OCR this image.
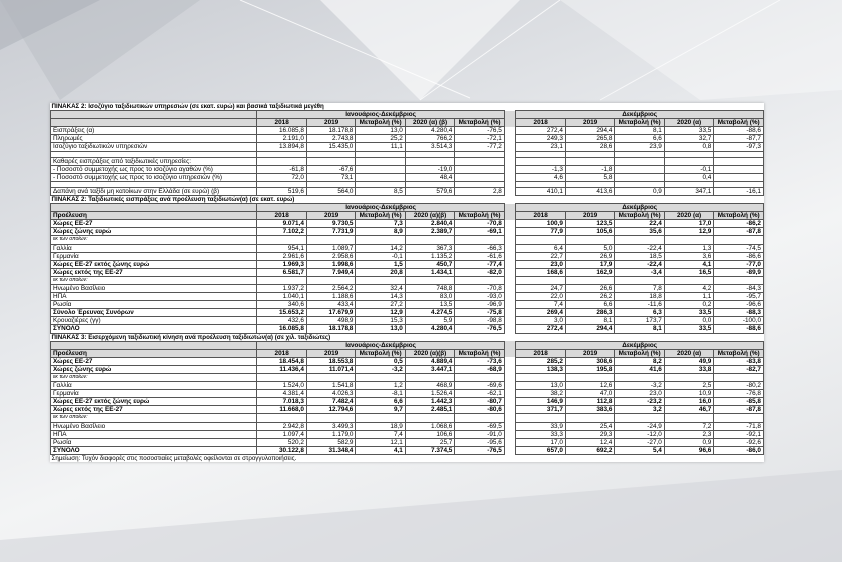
ΠΙΝΑΚΑΣ 2: Ισοζύγιο ταξιδιωτικών υπηρεσιών (σε εκατ. ευρώ) και βασικά ταξιδιωτικά μεγέθη											
	Ιανουάριος-Δεκέμβριος						Δεκέμβριος				
	2018	2019	Μεταβολή (%)	2020 (α) (β)	Μεταβολή (%)		2018	2019	Μεταβολή (%)	2020 (α)	Μεταβολή (%)
Εισπράξεις (α)	16.085,8	18.178,8	13,0	4.280,4	-76,5		272,4	294,4	8,1	33,5	-88,6
Πληρωμές	2.191,0	2.743,8	25,2	766,2	-72,1		249,3	265,8	6,6	32,7	-87,7
Ισοζύγιο ταξιδιωτικών υπηρεσιών	13.894,8	15.435,0	11,1	3.514,3	-77,2		23,1	28,6	23,9	0,8	-97,3

Καθαρές εισπράξεις από ταξιδιωτικές υπηρεσίες:											
- Ποσοστό συμμετοχής ως προς το ισοζύγιο αγαθών (%)	-61,8	-67,6		-19,0			-1,3	-1,8		-0,1	
- Ποσοστό συμμετοχής ως προς το ισοζύγιο υπηρεσιών (%)	72,0	73,1		48,4			4,6	5,8		0,4	

Δαπάνη ανά ταξίδι μη κατοίκων στην Ελλάδα (σε ευρώ) (β)	519,6	564,0	8,5	579,6	2,8		410,1	413,6	0,9	347,1	-16,1
ΠΙΝΑΚΑΣ 2: Ταξιδιωτικές εισπράξεις ανά προέλευση ταξιδιωτών(α) (σε εκατ. ευρώ)											
	Ιανουάριος-Δεκέμβριος						Δεκέμβριος				
Προέλευση	2018	2019	Μεταβολή (%)	2020 (α)(β)	Μεταβολή (%)		2018	2019	Μεταβολή (%)	2020 (α)	Μεταβολή (%)
Χώρες ΕΕ-27	9.071,4	9.730,5	7,3	2.840,4	-70,8		100,9	123,5	22,4	17,0	-86,2
Χώρες ζώνης ευρώ	7.102,2	7.731,9	8,9	2.389,7	-69,1		77,9	105,6	35,6	12,9	-87,8
εκ των οποίων:											
Γαλλία	954,1	1.089,7	14,2	367,3	-66,3		6,4	5,0	-22,4	1,3	-74,5
Γερμανία	2.961,6	2.958,6	-0,1	1.135,2	-61,6		22,7	26,9	18,5	3,6	-86,6
Χώρες ΕΕ-27 εκτός ζώνης ευρώ	1.969,3	1.998,6	1,5	450,7	-77,4		23,0	17,9	-22,4	4,1	-77,0
Χώρες εκτός της ΕΕ-27	6.581,7	7.949,4	20,8	1.434,1	-82,0		168,6	162,9	-3,4	16,5	-89,9
εκ των οποίων:											
Ηνωμένο Βασίλειο	1.937,2	2.564,2	32,4	748,8	-70,8		24,7	26,6	7,8	4,2	-84,3
ΗΠΑ	1.040,1	1.188,6	14,3	83,0	-93,0		22,0	26,2	18,8	1,1	-95,7
Ρωσία	340,6	433,4	27,2	13,5	-96,9		7,4	6,6	-11,6	0,2	-96,6
Σύνολο Έρευνας Συνόρων	15.653,2	17.679,9	12,9	4.274,5	-75,8		269,4	286,3	6,3	33,5	-88,3
Κρουαζιέρες (γγ)	432,6	498,9	15,3	5,9	-98,8		3,0	8,1	173,7	0,0	-100,0
ΣΥΝΟΛΟ	16.085,8	18.178,8	13,0	4.280,4	-76,5		272,4	294,4	8,1	33,5	-88,6
ΠΙΝΑΚΑΣ 3: Εισερχόμενη ταξιδιωτική κίνηση ανά προέλευση ταξιδιωτών(α) (σε χιλ. ταξιδιώτες)											
	Ιανουάριος-Δεκέμβριος						Δεκέμβριος				
Προέλευση	2018	2019	Μεταβολή (%)	2020 (α)(β)	Μεταβολή (%)		2018	2019	Μεταβολή (%)	2020 (α)	Μεταβολή (%)
Χώρες ΕΕ-27	18.454,8	18.553,8	0,5	4.889,4	-73,6		285,2	308,6	8,2	49,9	-83,8
Χώρες ζώνης ευρώ	11.436,4	11.071,4	-3,2	3.447,1	-68,9		138,3	195,8	41,6	33,8	-82,7
εκ των οποίων:											
Γαλλία	1.524,0	1.541,8	1,2	468,9	-69,6		13,0	12,6	-3,2	2,5	-80,2
Γερμανία	4.381,4	4.026,3	-8,1	1.526,4	-62,1		38,2	47,0	23,0	10,9	-76,8
Χώρες ΕΕ-27 εκτός ζώνης ευρώ	7.018,3	7.482,4	6,6	1.442,3	-80,7		146,9	112,8	-23,2	16,0	-85,8
Χώρες εκτός της ΕΕ-27	11.668,0	12.794,6	9,7	2.485,1	-80,6		371,7	383,6	3,2	46,7	-87,8
εκ των οποίων:											
Ηνωμένο Βασίλειο	2.942,8	3.499,3	18,9	1.068,6	-69,5		33,9	25,4	-24,9	7,2	-71,8
ΗΠΑ	1.097,4	1.179,0	7,4	106,6	-91,0		33,3	29,3	-12,0	2,3	-92,1
Ρωσία	520,2	582,9	12,1	25,7	-95,6		17,0	12,4	-27,0	0,9	-92,6
ΣΥΝΟΛΟ	30.122,8	31.348,4	4,1	7.374,5	-76,5		657,0	692,2	5,4	96,6	-86,0
Σημείωση: Τυχόν διαφορές στις ποσοστιαίες μεταβολές οφείλονται σε στρογγυλοποιήσεις.											
